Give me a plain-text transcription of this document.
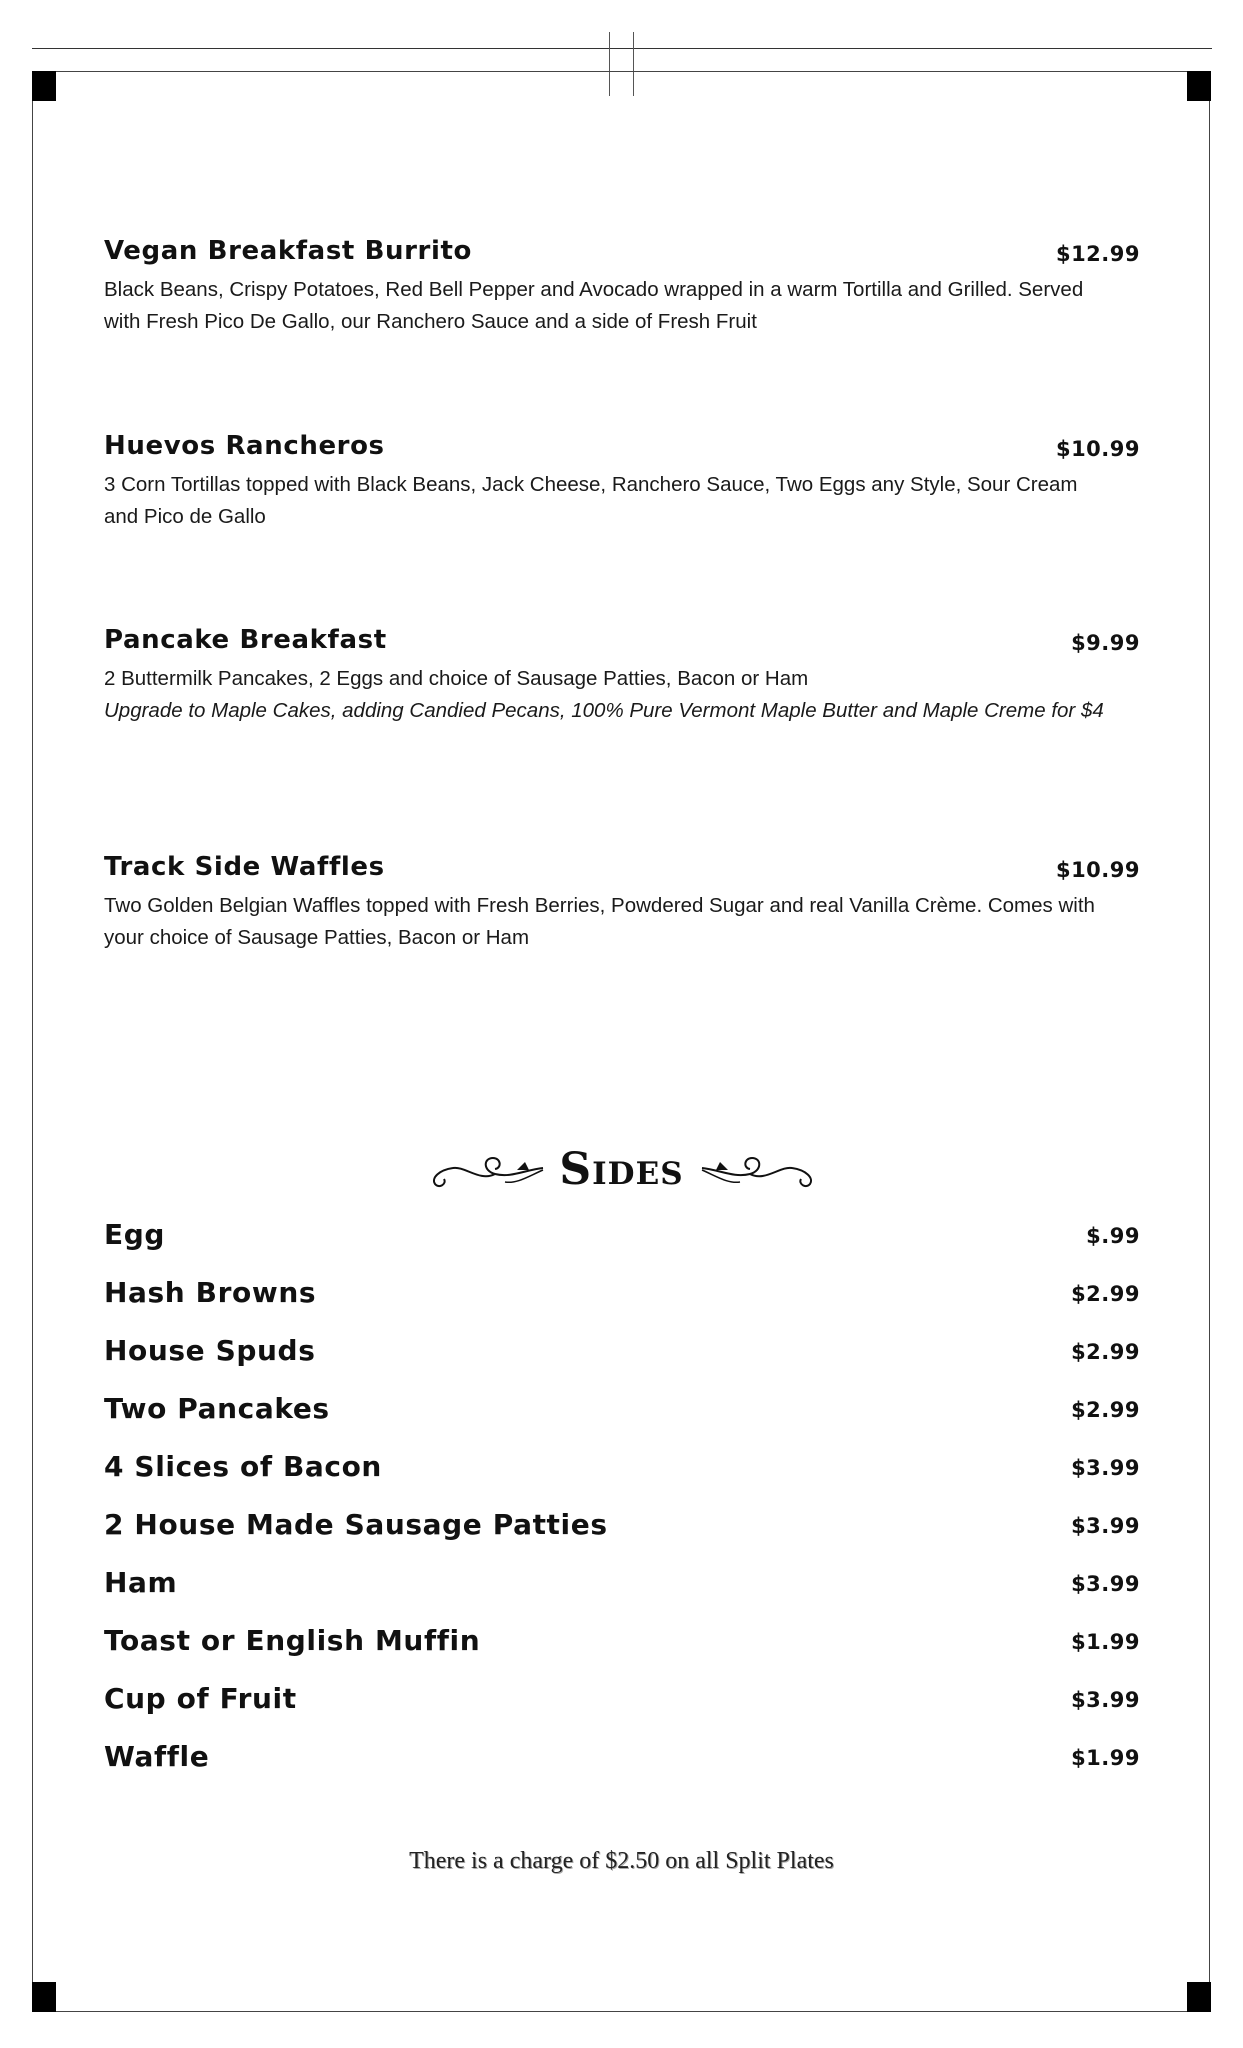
Vegan Breakfast Burrito	$12.99
Black Beans, Crispy Potatoes, Red Bell Pepper and Avocado wrapped in a warm Tortilla and Grilled. Served with Fresh Pico De Gallo, our Ranchero Sauce and a side of Fresh Fruit
Huevos Rancheros	$10.99
3 Corn Tortillas topped with Black Beans, Jack Cheese, Ranchero Sauce, Two Eggs any Style, Sour Cream and Pico de Gallo
Pancake Breakfast	$9.99
2 Buttermilk Pancakes, 2 Eggs and choice of Sausage Patties, Bacon or Ham
Upgrade to Maple Cakes, adding Candied Pecans, 100% Pure Vermont Maple Butter and Maple Creme for $4
Track Side Waffles	$10.99
Two Golden Belgian Waffles topped with Fresh Berries, Powdered Sugar and real Vanilla Crème. Comes with your choice of Sausage Patties, Bacon or Ham
Sides
Egg	$.99
Hash Browns	$2.99
House Spuds	$2.99
Two Pancakes	$2.99
4 Slices of Bacon	$3.99
2 House Made Sausage Patties	$3.99
Ham	$3.99
Toast or English Muffin	$1.99
Cup of Fruit	$3.99
Waffle	$1.99
There is a charge of $2.50 on all Split Plates
